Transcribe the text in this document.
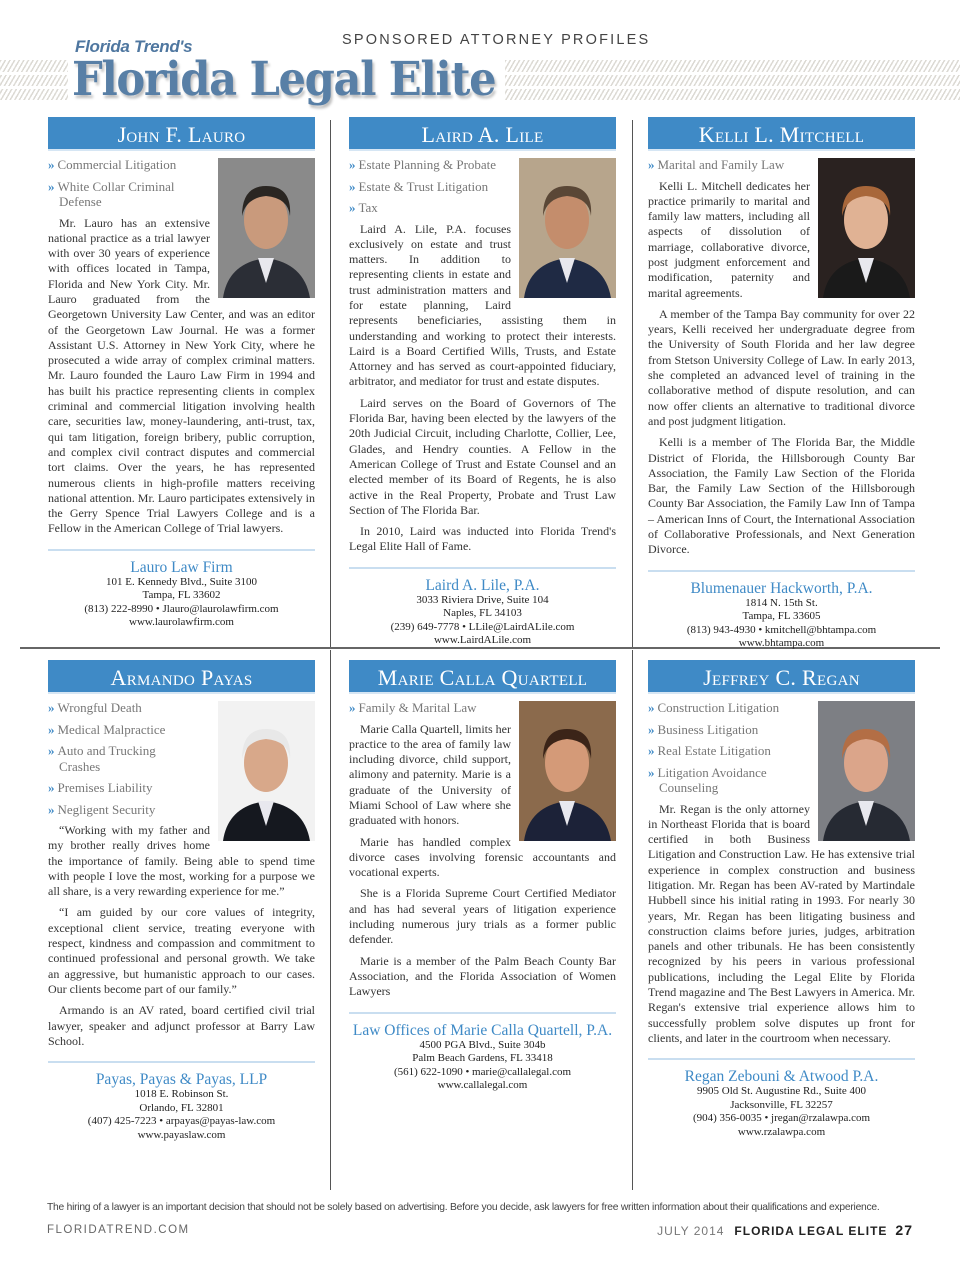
Florida Trend's	SPONSORED ATTORNEY PROFILES
Florida Legal Elite
John F. Lauro
» Commercial Litigation
» White Collar Criminal
Defense

Mr. Lauro has an extensive national practice as a trial lawyer with over 30 years of experience with offices located in Tampa, Florida and New York City. Mr. Lauro graduated from the Georgetown University Law Center, and was an editor of the Georgetown Law Journal. He was a former Assistant U.S. Attorney in New York City, where he prosecuted a wide array of complex criminal matters. Mr. Lauro founded the Lauro Law Firm in 1994 and has built his practice representing clients in complex criminal and commercial litigation involving health care, securities law, money-laundering, anti-trust, tax, qui tam litigation, foreign bribery, public corruption, and complex civil contract disputes and commercial tort claims. Over the years, he has represented numerous clients in high-profile matters receiving national attention. Mr. Lauro participates extensively in the Gerry Spence Trial Lawyers College and is a Fellow in the American College of Trial lawyers.

Lauro Law Firm
101 E. Kennedy Blvd., Suite 3100
Tampa, FL 33602
(813) 222-8990 • Jlauro@laurolawfirm.com
www.laurolawfirm.com
Laird A. Lile
» Estate Planning & Probate
» Estate & Trust Litigation
» Tax

Laird A. Lile, P.A. focuses exclusively on estate and trust matters. In addition to representing clients in estate and trust administration matters and for estate planning, Laird represents beneficiaries, assisting them in understanding and working to protect their interests. Laird is a Board Certified Wills, Trusts, and Estate Attorney and has served as court-appointed fiduciary, arbitrator, and mediator for trust and estate disputes.

Laird serves on the Board of Governors of The Florida Bar, having been elected by the lawyers of the 20th Judicial Circuit, including Charlotte, Collier, Lee, Glades, and Hendry counties. A Fellow in the American College of Trust and Estate Counsel and an elected member of its Board of Regents, he is also active in the Real Property, Probate and Trust Law Section of The Florida Bar.

In 2010, Laird was inducted into Florida Trend's Legal Elite Hall of Fame.

Laird A. Lile, P.A.
3033 Riviera Drive, Suite 104
Naples, FL 34103
(239) 649-7778 • LLile@LairdALile.com
www.LairdALile.com
Kelli L. Mitchell
» Marital and Family Law

Kelli L. Mitchell dedicates her practice primarily to marital and family law matters, including all aspects of dissolution of marriage, collaborative divorce, post judgment enforcement and modification, paternity and marital agreements.

A member of the Tampa Bay community for over 22 years, Kelli received her undergraduate degree from the University of South Florida and her law degree from Stetson University College of Law. In early 2013, she completed an advanced level of training in the collaborative method of dispute resolution, and can now offer clients an alternative to traditional divorce and post judgment litigation.

Kelli is a member of The Florida Bar, the Middle District of Florida, the Hillsborough County Bar Association, the Family Law Section of the Florida Bar, the Family Law Section of the Hillsborough County Bar Association, the Family Law Inn of Tampa – American Inns of Court, the International Association of Collaborative Professionals, and Next Generation Divorce.

Blumenauer Hackworth, P.A.
1814 N. 15th St.
Tampa, FL 33605
(813) 943-4930 • kmitchell@bhtampa.com
www.bhtampa.com
Armando Payas
» Wrongful Death
» Medical Malpractice
» Auto and Trucking
Crashes
» Premises Liability
» Negligent Security

“Working with my father and my brother really drives home the importance of family. Being able to spend time with people I love the most, working for a purpose we all share, is a very rewarding experience for me.”

“I am guided by our core values of integrity, exceptional client service, treating everyone with respect, kindness and compassion and commitment to continued professional and personal growth. We take an aggressive, but humanistic approach to our cases. Our clients become part of our family.”

Armando is an AV rated, board certified civil trial lawyer, speaker and adjunct professor at Barry Law School.

Payas, Payas & Payas, LLP
1018 E. Robinson St.
Orlando, FL 32801
(407) 425-7223 • arpayas@payas-law.com
www.payaslaw.com
Marie Calla Quartell
» Family & Marital Law

Marie Calla Quartell, limits her practice to the area of family law including divorce, child support, alimony and paternity. Marie is a graduate of the University of Miami School of Law where she graduated with honors.

Marie has handled complex divorce cases involving forensic accountants and vocational experts.

She is a Florida Supreme Court Certified Mediator and has had several years of litigation experience including numerous jury trials as a former public defender.

Marie is a member of the Palm Beach County Bar Association, and the Florida Association of Women Lawyers

Law Offices of Marie Calla Quartell, P.A.
4500 PGA Blvd., Suite 304b
Palm Beach Gardens, FL 33418
(561) 622-1090 • marie@callalegal.com
www.callalegal.com
Jeffrey C. Regan
» Construction Litigation
» Business Litigation
» Real Estate Litigation
» Litigation Avoidance
Counseling

Mr. Regan is the only attorney in Northeast Florida that is board certified in both Business Litigation and Construction Law. He has extensive trial experience in complex construction and business litigation. Mr. Regan has been AV-rated by Martindale Hubbell since his initial rating in 1993. For nearly 30 years, Mr. Regan has been litigating business and construction claims before juries, judges, arbitration panels and other tribunals. He has been consistently recognized by his peers in various professional publications, including the Legal Elite by Florida Trend magazine and The Best Lawyers in America. Mr. Regan's extensive trial experience allows him to successfully problem solve disputes up front for clients, and later in the courtroom when necessary.

Regan Zebouni & Atwood P.A.
9905 Old St. Augustine Rd., Suite 400
Jacksonville, FL 32257
(904) 356-0035 • jregan@rzalawpa.com
www.rzalawpa.com
The hiring of a lawyer is an important decision that should not be solely based on advertising. Before you decide, ask lawyers for free written information about their qualifications and experience.
FLORIDATREND.COM	JULY 2014 FLORIDA LEGAL ELITE 27
